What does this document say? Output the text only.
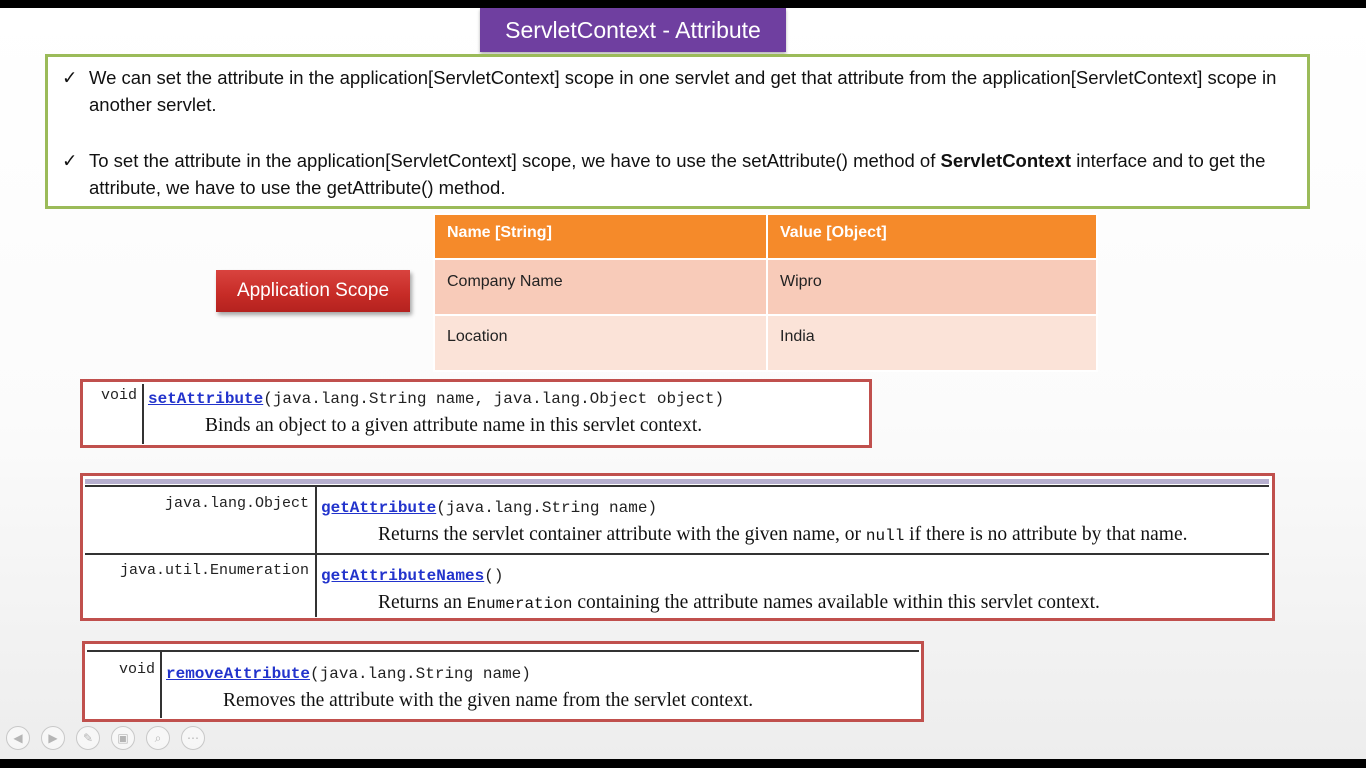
ServletContext - Attribute
✓ We can set the attribute in the application[ServletContext] scope in one servlet and get that attribute from the application[ServletContext] scope in another servlet.
✓ To set the attribute in the application[ServletContext] scope, we have to use the setAttribute() method of ServletContext interface and to get the attribute, we have to use the getAttribute() method.
Application Scope
Name [String]	Value [Object]
Company Name	Wipro
Location	India
void setAttribute(java.lang.String name, java.lang.Object object)
Binds an object to a given attribute name in this servlet context.
java.lang.Object getAttribute(java.lang.String name)
Returns the servlet container attribute with the given name, or null if there is no attribute by that name.
java.util.Enumeration getAttributeNames()
Returns an Enumeration containing the attribute names available within this servlet context.
void removeAttribute(java.lang.String name)
Removes the attribute with the given name from the servlet context.
◀	▶	✎	▣	⌕	⋯
